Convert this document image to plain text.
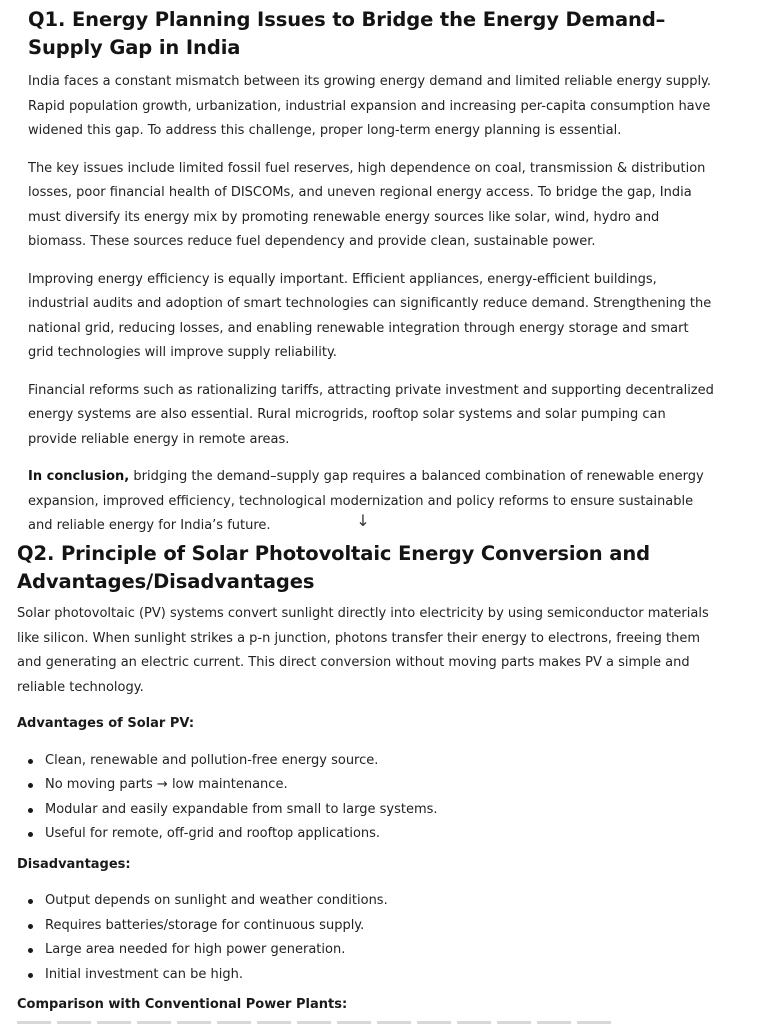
Q1. Energy Planning Issues to Bridge the Energy Demand–Supply Gap in India

India faces a constant mismatch between its growing energy demand and limited reliable energy supply. Rapid population growth, urbanization, industrial expansion and increasing per-capita consumption have widened this gap. To address this challenge, proper long-term energy planning is essential.

The key issues include limited fossil fuel reserves, high dependence on coal, transmission & distribution losses, poor financial health of DISCOMs, and uneven regional energy access. To bridge the gap, India must diversify its energy mix by promoting renewable energy sources like solar, wind, hydro and biomass. These sources reduce fuel dependency and provide clean, sustainable power.

Improving energy efficiency is equally important. Efficient appliances, energy-efficient buildings, industrial audits and adoption of smart technologies can significantly reduce demand. Strengthening the national grid, reducing losses, and enabling renewable integration through energy storage and smart grid technologies will improve supply reliability.

Financial reforms such as rationalizing tariffs, attracting private investment and supporting decentralized energy systems are also essential. Rural microgrids, rooftop solar systems and solar pumping can provide reliable energy in remote areas.

In conclusion, bridging the demand–supply gap requires a balanced combination of renewable energy expansion, improved efficiency, technological modernization and policy reforms to ensure sustainable and reliable energy for India’s future.	↓
Q2. Principle of Solar Photovoltaic Energy Conversion and Advantages/Disadvantages

Solar photovoltaic (PV) systems convert sunlight directly into electricity by using semiconductor materials like silicon. When sunlight strikes a p-n junction, photons transfer their energy to electrons, freeing them and generating an electric current. This direct conversion without moving parts makes PV a simple and reliable technology.

Advantages of Solar PV:
Clean, renewable and pollution-free energy source.
No moving parts → low maintenance.
Modular and easily expandable from small to large systems.
Useful for remote, off-grid and rooftop applications.
Disadvantages:
Output depends on sunlight and weather conditions.
Requires batteries/storage for continuous supply.
Large area needed for high power generation.
Initial investment can be high.
Comparison with Conventional Power Plants:
